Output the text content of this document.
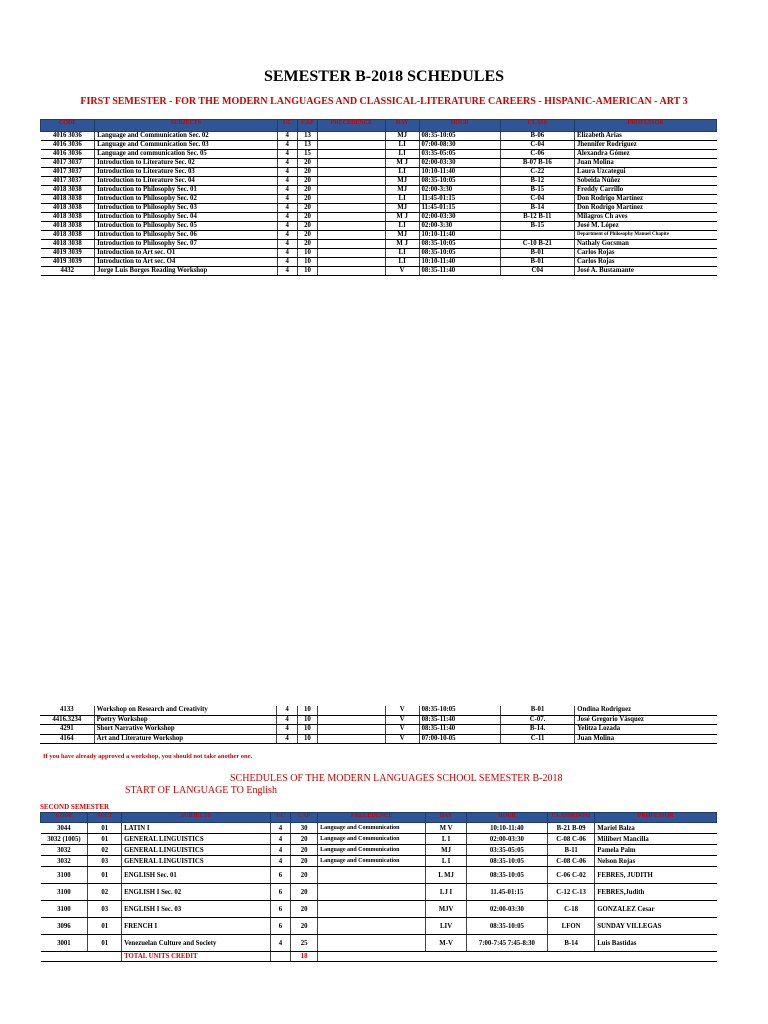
SEMESTER B-2018 SCHEDULES
FIRST SEMESTER - FOR THE MODERN LANGUAGES AND CLASSICAL-LITERATURE CAREERS - HISPANIC-AMERICAN - ART 3
CODE	SUBJECTS	UC	CAP	PRECEDENCE	DAY	HOUR	CLASS	PROFESSOR
4016 3036	Language and Communication Sec. 02	4	13		MJ	08:35-10:05	B-06	Elizabeth Arias
4016 3036	Language and Communication Sec. 03	4	13		LI	07:00-08:30	C-04	Jhennifer Rodriguez
4016 3036	Language and communication Sec. 05	4	15		LI	03:35-05:05	C-06	Alexandra Gómez
4017 3037	Introduction to Literature Sec. 02	4	20		M J	02:00-03:30	B-07 B-16	Juan Molina
4017 3037	Introduction to Literature Sec. 03	4	20		LI	10:10-11:40	C-22	Laura Uzcategui
4017 3037	Introduction to Literature Sec. 04	4	20		MJ	08:35-10:05	B-12	Sobeida Núñez
4018 3038	Introduction to Philosophy Sec. 01	4	20		MJ	02:00-3:30	B-15	Freddy Carrillo
4018 3038	Introduction to Philosophy Sec. 02	4	20		LI	11:45-01:15	C-04	Don Rodrigo Martínez
4018 3038	Introduction to Philosophy Sec. 03	4	20		MJ	11:45-01:15	B-14	Don Rodrigo Martínez
4018 3038	Introduction to Philosophy Sec. 04	4	20		M J	02:00-03:30	B-12 B-11	Milagros Ch aves
4018 3038	Introduction to Philosophy Sec. 05	4	20		LI	02:00-3:30	B-15	José M. López
4018 3038	Introduction to Philosophy Sec. 06	4	20		MJ	10:10-11:40		Department of Philosophy Manuel Chapite
4018 3038	Introduction to Philosophy Sec. 07	4	20		M J	08:35-10:05	C-10 B-21	Nathaly Gocsman
4019 3039	Introduction to Art sec. O1	4	10		LI	08:35-10:05	B-01	Carlos Rojas
4019 3039	Introduction to Art sec. O4	4	10		LI	10:10-11:40	B-01	Carlos Rojas
4432	Jorge Luis Borges Reading Workshop	4	10		V	08:35-11:40	C04	José A. Bustamante
4133	Workshop on Research and Creativity	4	10		V	08:35-10:05	B-01	Ondina Rodriguez
4416.3234	Poetry Workshop	4	10		V	08:35-11:40	C-07.	José Gregorio Vásquez
4291	Short Narrative Workshop	4	10		V	08:35-11:40	B-14.	Yelitza Lozada
4164	Art and Literature Workshop	4	10		V	07:00-10-05	C-11	Juan Molina
If you have already approved a workshop, you should not take another one.
SCHEDULES OF THE MODERN LANGUAGES SCHOOL SEMESTER B-2018
START OF LANGUAGE TO English
SECOND SEMESTER
CODE	SECT	SUBJECTS	UC	CAP	PRECEDENCE	DAY	HOUR	CLASSROOM	PROFESSOR
3044	01	LATIN I	4	30	Language and Communication	M V	10:10-11:40	B-21 B-09	Mariel Balza
3032 (1005)	01	GENERAL LINGUISTICS	4	20	Language and Communication	L I	02:00-03:30	C-08 C-06	Milibert Mancilla
3032	02	GENERAL LINGUISTICS	4	20	Language and Communication	MJ	03:35-05:05	B-11	Pamela Palm
3032	03	GENERAL LINGUISTICS	4	20	Language and Communication	L I	08:35-10:05	C-08 C-06	Nelson Rojas
3100	01	ENGLISH Sec. 01	6	20		L MJ	08:35-10:05	C-06 C-02	FEBRES, JUDITH
3100	02	ENGLISH I Sec. 02	6	20		LJ I	11.45-01:15	C-12 C-13	FEBRES,Judith
3100	03	ENGLISH I Sec. 03	6	20		MJV	02:00-03:30	C-18	GONZALEZ Cesar
3096	01	FRENCH I	6	20		LIV	08:35-10:05	LFON	SUNDAY VILLEGAS
3001	01	Venezuelan Culture and Society	4	25		M-V	7:00-7:45 7:45-8:30	B-14	Luis Bastidas
		TOTAL UNITS CREDIT		18					
